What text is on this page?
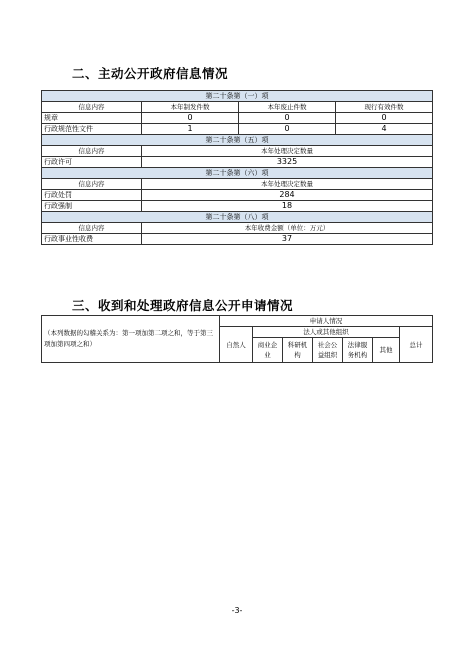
二、主动公开政府信息情况
第二十条第（一）项			
信息内容	本年制发件数	本年废止件数	现行有效件数
规章	0	0	0
行政规范性文件	1	0	4
第二十条第（五）项			
信息内容	本年处理决定数量		
行政许可	3325		
第二十条第（六）项			
信息内容	本年处理决定数量		
行政处罚	284		
行政强制	18		
第二十条第（八）项			
信息内容	本年收费金额（单位：万元）		
行政事业性收费	37		
三、收到和处理政府信息公开申请情况
（本列数据的勾稽关系为：第一项加第二项之和，等于第三项加第四项之和）	申请人情况						
	自然人	法人或其他组织					总计
		商业企业	科研机构	社会公益组织	法律服务机构	其他	
-3-
